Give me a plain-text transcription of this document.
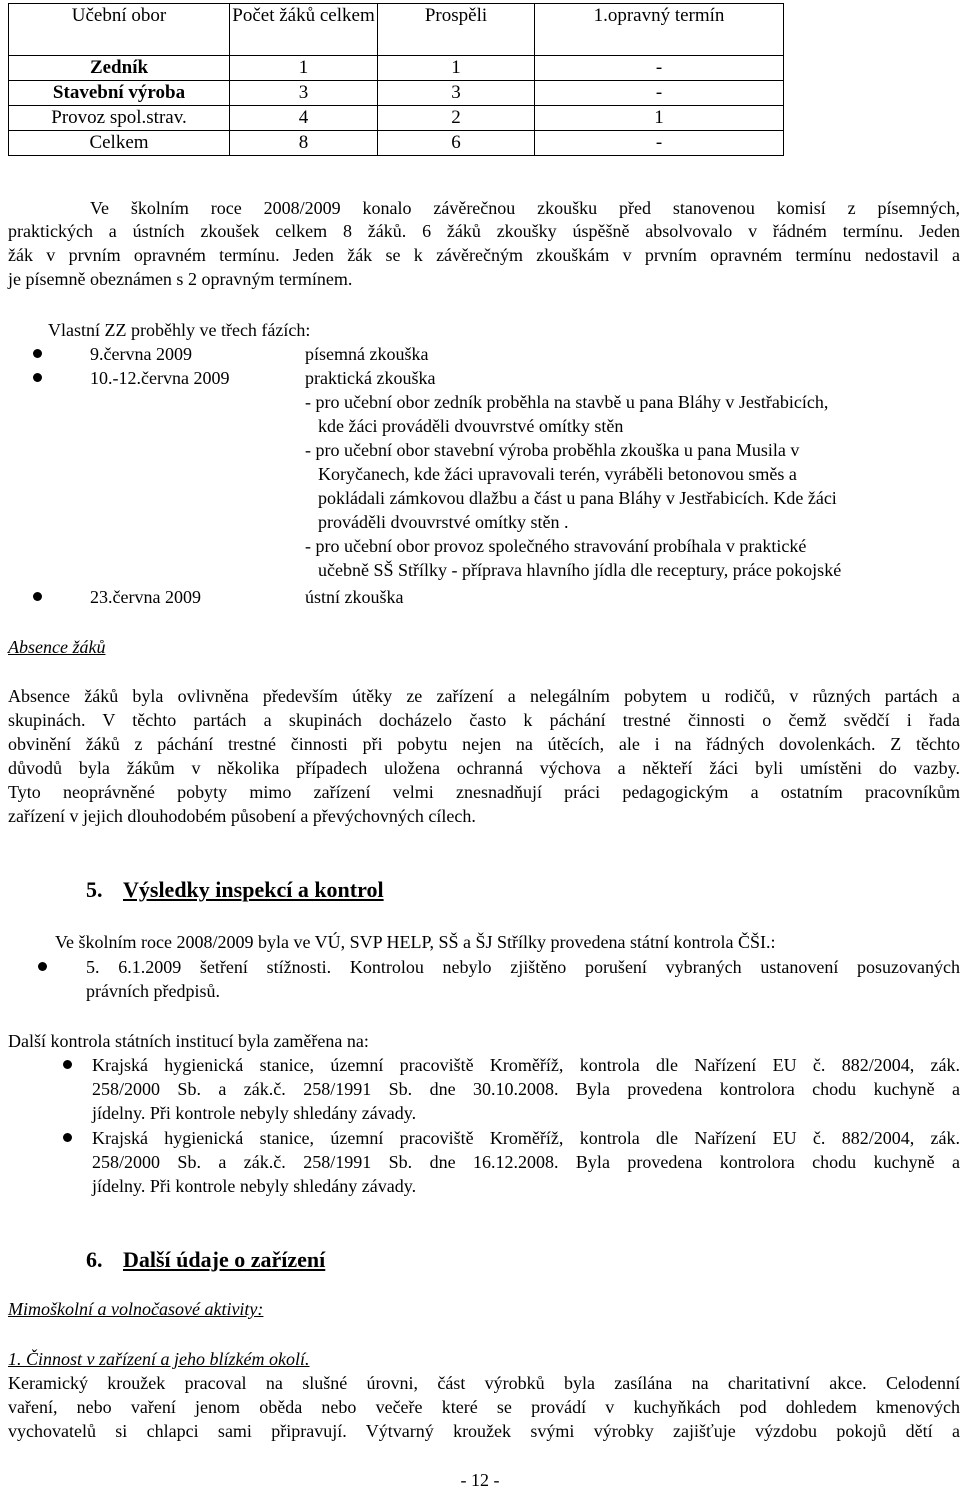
Učební obor	Počet žáků celkem	Prospěli	1.opravný termín
Zedník	1	1	-
Stavební výroba	3	3	-
Provoz spol.strav.	4	2	1
Celkem	8	6	-
Ve školním roce 2008/2009 konalo závěrečnou zkoušku před stanovenou komisí z písemných,
praktických a ústních zkoušek celkem 8 žáků. 6 žáků zkoušky úspěšně absolvovalo v řádném termínu. Jeden
žák v prvním opravném termínu. Jeden žák se k závěrečným zkouškám v prvním opravném termínu nedostavil a
je písemně obeznámen s 2 opravným termínem.
Vlastní ZZ proběhly ve třech fázích:
9.června 2009	písemná zkouška
10.-12.června 2009	praktická zkouška
- pro učební obor zedník proběhla na stavbě u pana Bláhy v Jestřabicích,
kde žáci prováděli dvouvrstvé omítky stěn
- pro učební obor stavební výroba proběhla zkouška u pana Musila v
Koryčanech, kde žáci upravovali terén, vyráběli betonovou směs a
pokládali zámkovou dlažbu a část u pana Bláhy v Jestřabicích. Kde žáci
prováděli dvouvrstvé omítky stěn .
- pro učební obor provoz společného stravování probíhala v praktické
učebně SŠ Střílky - příprava hlavního jídla dle receptury, práce pokojské
23.června 2009	ústní zkouška
Absence žáků
Absence žáků byla ovlivněna především útěky ze zařízení a nelegálním pobytem u rodičů, v různých partách a
skupinách. V těchto partách a skupinách docházelo často k páchání trestné činnosti o čemž svědčí i řada
obvinění žáků z páchání trestné činnosti při pobytu nejen na útěcích, ale i na řádných dovolenkách. Z těchto
důvodů byla žákům v několika případech uložena ochranná výchova a někteří žáci byli umístěni do vazby.
Tyto neoprávněné pobyty mimo zařízení velmi znesnadňují práci pedagogickým a ostatním pracovníkům
zařízení v jejich dlouhodobém působení a převýchovných cílech.
5. Výsledky inspekcí a kontrol
Ve školním roce 2008/2009 byla ve VÚ, SVP HELP, SŠ a ŠJ Střílky provedena státní kontrola ČŠI.:
5. 6.1.2009 šetření stížnosti. Kontrolou nebylo zjištěno porušení vybraných ustanovení posuzovaných
právních předpisů.
Další kontrola státních institucí byla zaměřena na:
Krajská hygienická stanice, územní pracoviště Kroměříž, kontrola dle Nařízení EU č. 882/2004, zák.
258/2000 Sb. a zák.č. 258/1991 Sb. dne 30.10.2008. Byla provedena kontrolora chodu kuchyně a
jídelny. Při kontrole nebyly shledány závady.
Krajská hygienická stanice, územní pracoviště Kroměříž, kontrola dle Nařízení EU č. 882/2004, zák.
258/2000 Sb. a zák.č. 258/1991 Sb. dne 16.12.2008. Byla provedena kontrolora chodu kuchyně a
jídelny. Při kontrole nebyly shledány závady.
6. Další údaje o zařízení
Mimoškolní a volnočasové aktivity:
1. Činnost v zařízení a jeho blízkém okolí.
Keramický kroužek pracoval na slušné úrovni, část výrobků byla zasílána na charitativní akce. Celodenní
vaření, nebo vaření jenom oběda nebo večeře které se provádí v kuchyňkách pod dohledem kmenových
vychovatelů si chlapci sami připravují. Výtvarný kroužek svými výrobky zajišťuje výzdobu pokojů dětí a
- 12 -
